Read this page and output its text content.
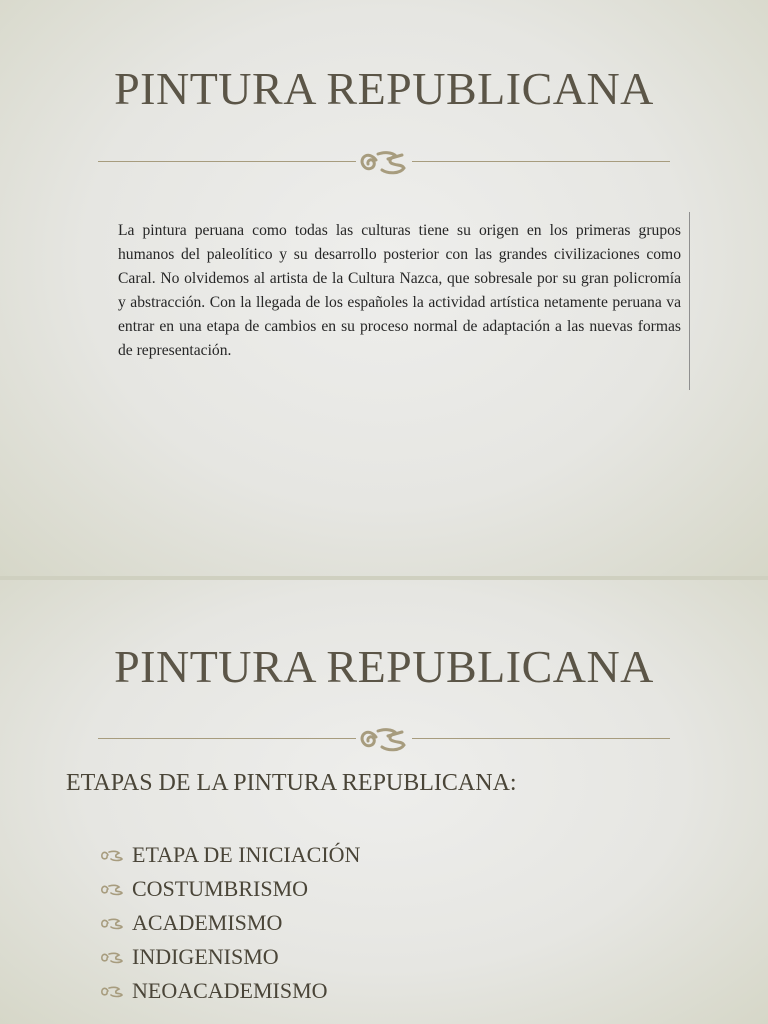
PINTURA REPUBLICANA

La pintura peruana como todas las culturas tiene su origen en los primeras grupos humanos del paleolítico y su desarrollo posterior con las grandes civilizaciones como Caral. No olvidemos al artista de la Cultura Nazca, que sobresale por su gran policromía y abstracción. Con la llegada de los españoles la actividad artística netamente peruana va entrar en una etapa de cambios en su proceso normal de adaptación a las nuevas formas de representación.

PINTURA REPUBLICANA
ETAPAS DE LA PINTURA REPUBLICANA:
ETAPA DE INICIACIÓN
COSTUMBRISMO
ACADEMISMO
INDIGENISMO
NEOACADEMISMO
